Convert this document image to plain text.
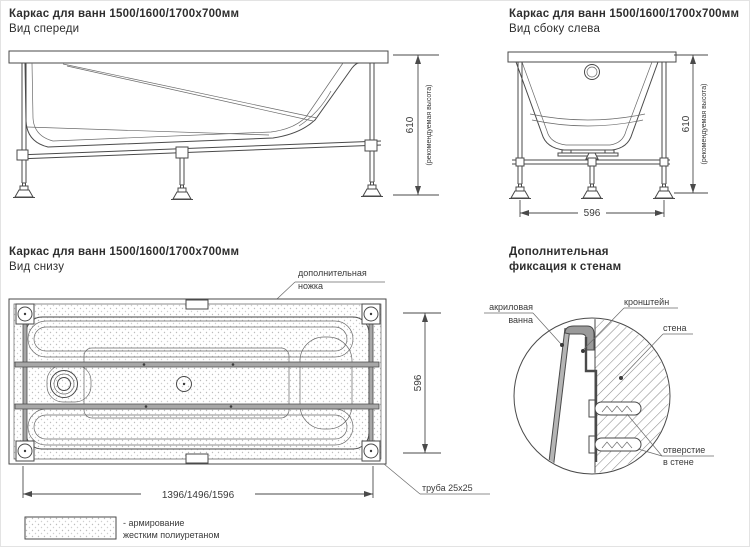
Каркас для ванн 1500/1600/1700x700мм
Вид спереди
Каркас для ванн 1500/1600/1700x700мм
Вид сбоку слева
Каркас для ванн 1500/1600/1700x700мм
Вид снизу
Дополнительная
фиксация к стенам
610 (рекомендуемая высота)
596
610 (рекомендуемая высота)
596
1396/1496/1596
труба 25x25
- армирование
жестким полиуретаном
дополнительная
ножка
акриловая
ванна
кронштейн
стена
отверстие
в стене
